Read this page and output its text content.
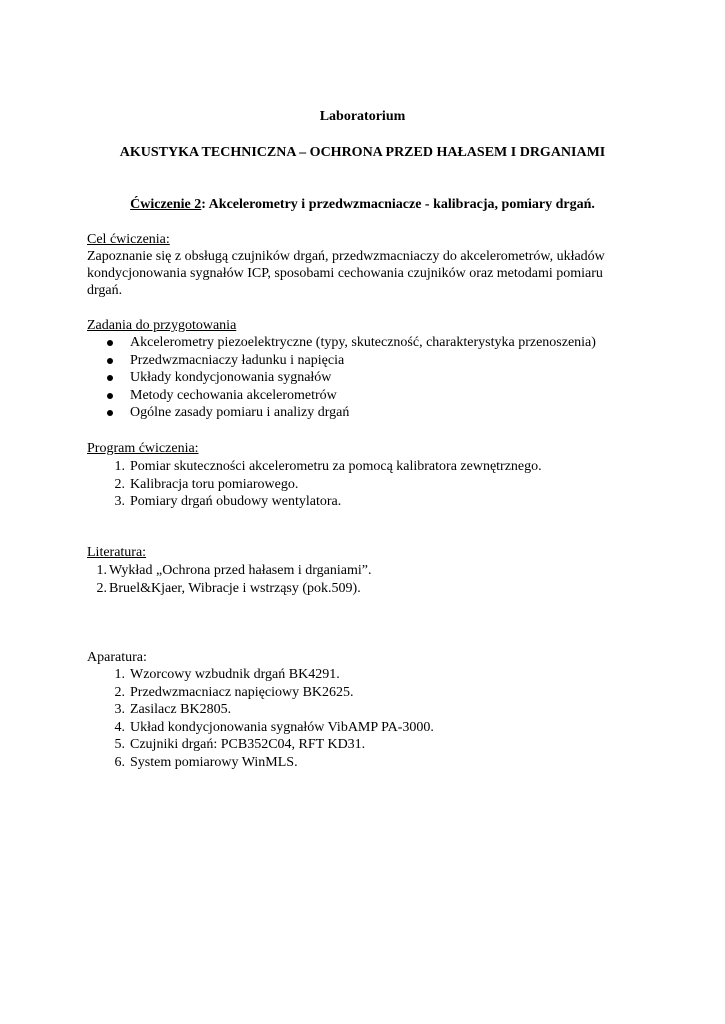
Laboratorium
AKUSTYKA TECHNICZNA – OCHRONA PRZED HAŁASEM I DRGANIAMI
Ćwiczenie 2: Akcelerometry i przedwzmacniacze - kalibracja, pomiary drgań.
Cel ćwiczenia:
Zapoznanie się z obsługą czujników drgań, przedwzmacniaczy do akcelerometrów, układów
kondycjonowania sygnałów ICP, sposobami cechowania czujników oraz metodami pomiaru
drgań.
Zadania do przygotowania
Akcelerometry piezoelektryczne (typy, skuteczność, charakterystyka przenoszenia)
Przedwzmacniaczy ładunku i napięcia
Układy kondycjonowania sygnałów
Metody cechowania akcelerometrów
Ogólne zasady pomiaru i analizy drgań
Program ćwiczenia:
1. Pomiar skuteczności akcelerometru za pomocą kalibratora zewnętrznego.
2. Kalibracja toru pomiarowego.
3. Pomiary drgań obudowy wentylatora.
Literatura:
1. Wykład „Ochrona przed hałasem i drganiami”.
2. Bruel&Kjaer, Wibracje i wstrząsy (pok.509).
Aparatura:
1. Wzorcowy wzbudnik drgań BK4291.
2. Przedwzmacniacz napięciowy BK2625.
3. Zasilacz BK2805.
4. Układ kondycjonowania sygnałów VibAMP PA-3000.
5. Czujniki drgań: PCB352C04, RFT KD31.
6. System pomiarowy WinMLS.
